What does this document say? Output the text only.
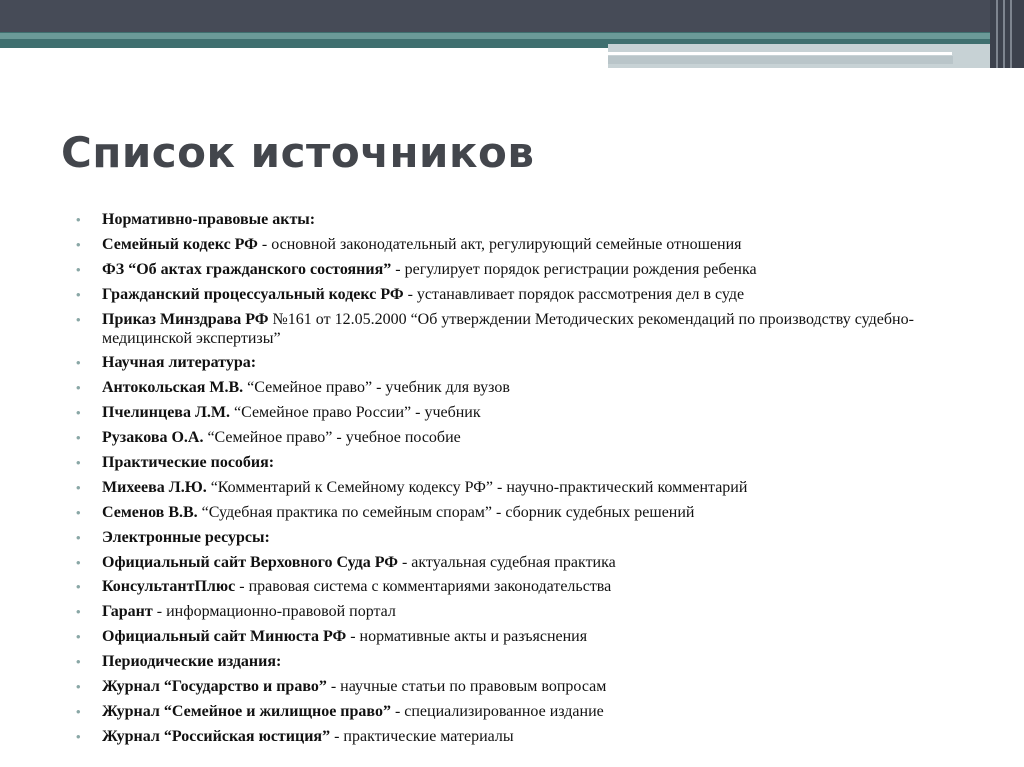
Список источников
• Нормативно-правовые акты:
• Семейный кодекс РФ - основной законодательный акт, регулирующий семейные отношения
• ФЗ “Об актах гражданского состояния” - регулирует порядок регистрации рождения ребенка
• Гражданский процессуальный кодекс РФ - устанавливает порядок рассмотрения дел в суде
• Приказ Минздрава РФ №161 от 12.05.2000 “Об утверждении Методических рекомендаций по производству судебно-медицинской экспертизы”
• Научная литература:
• Антокольская М.В. “Семейное право” - учебник для вузов
• Пчелинцева Л.М. “Семейное право России” - учебник
• Рузакова О.А. “Семейное право” - учебное пособие
• Практические пособия:
• Михеева Л.Ю. “Комментарий к Семейному кодексу РФ” - научно-практический комментарий
• Семенов В.В. “Судебная практика по семейным спорам” - сборник судебных решений
• Электронные ресурсы:
• Официальный сайт Верховного Суда РФ - актуальная судебная практика
• КонсультантПлюс - правовая система с комментариями законодательства
• Гарант - информационно-правовой портал
• Официальный сайт Минюста РФ - нормативные акты и разъяснения
• Периодические издания:
• Журнал “Государство и право” - научные статьи по правовым вопросам
• Журнал “Семейное и жилищное право” - специализированное издание
• Журнал “Российская юстиция” - практические материалы
